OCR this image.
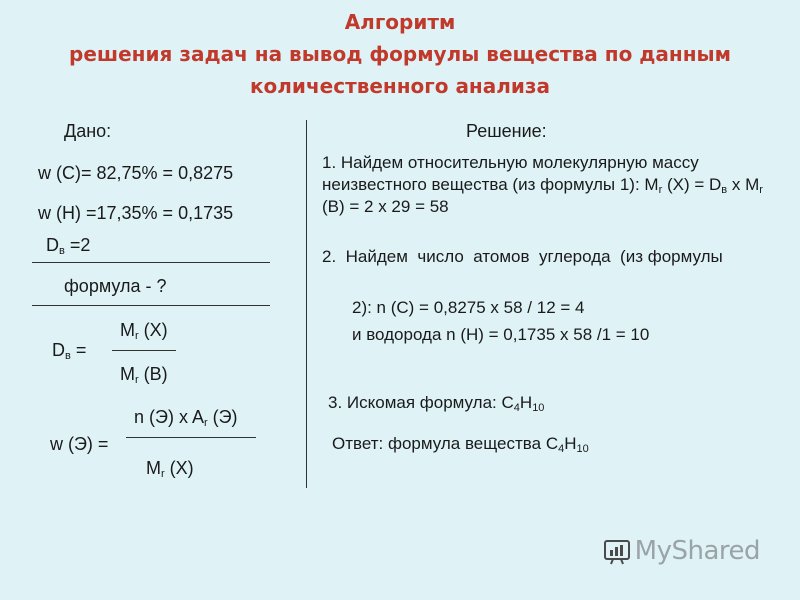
Алгоритм
решения задач на вывод формулы вещества по данным
количественного анализа
Дано:
w (С)= 82,75% = 0,8275
w (Н) =17,35% = 0,1735
$D_в =2$
формула - ?
$D_в$ =
$M_r$ (X)
$M_r$ (B)
n (Э) x $A_r$ (Э)
w (Э) =
$M_r$ (X)
Решение:
1. Найдем относительную молекулярную массу неизвестного вещества (из формулы 1): $M_r$ $(X) = D_в$ x $M_r$ (B) = 2 x 29 = 58
2.  Найдем  число  атомов  углерода  (из формулы
2): n (C) = 0,8275 x 58 / 12 = 4
и водорода n (H) = 0,1735 x 58 /1 = 10
3. Искомая формула: $С_4Н_{10}$
Ответ: формула вещества $С_4Н_{10}$
MyShared
